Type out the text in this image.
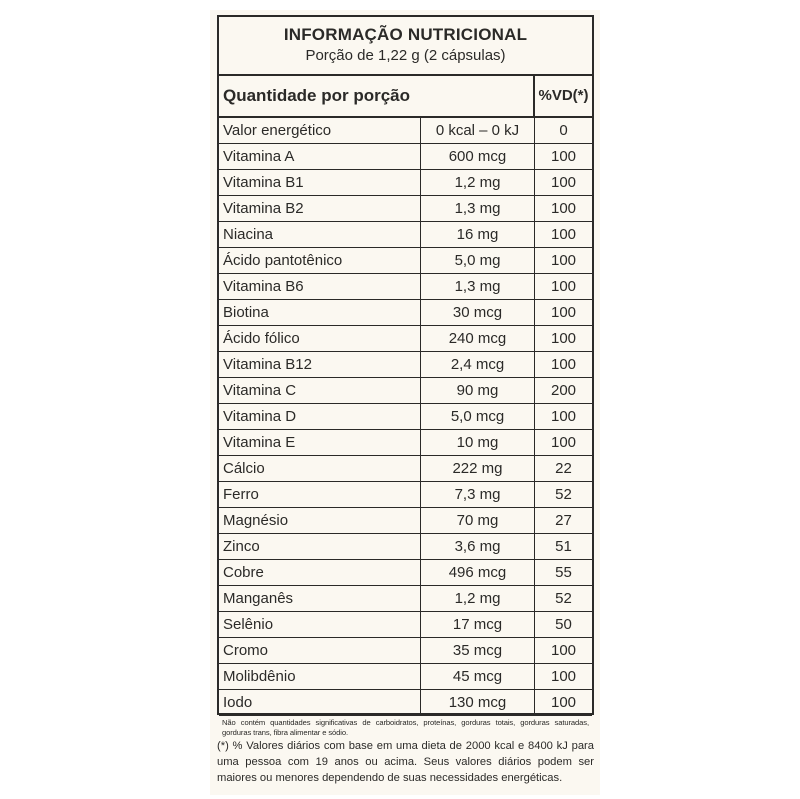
INFORMAÇÃO NUTRICIONAL
Porção de 1,22 g (2 cápsulas)
Quantidade por porção	%VD(*)
Valor energético	0 kcal – 0 kJ	0
Vitamina A	600 mcg	100
Vitamina B1	1,2 mg	100
Vitamina B2	1,3 mg	100
Niacina	16 mg	100
Ácido pantotênico	5,0 mg	100
Vitamina B6	1,3 mg	100
Biotina	30 mcg	100
Ácido fólico	240 mcg	100
Vitamina B12	2,4 mcg	100
Vitamina C	90 mg	200
Vitamina D	5,0 mcg	100
Vitamina E	10 mg	100
Cálcio	222 mg	22
Ferro	7,3 mg	52
Magnésio	70 mg	27
Zinco	3,6 mg	51
Cobre	496 mcg	55
Manganês	1,2 mg	52
Selênio	17 mcg	50
Cromo	35 mcg	100
Molibdênio	45 mcg	100
Iodo	130 mcg	100
Não contém quantidades significativas de carboidratos, proteínas, gorduras totais, gorduras saturadas, gorduras trans, fibra alimentar e sódio.
(*) % Valores diários com base em uma dieta de 2000 kcal e 8400 kJ para uma pessoa com 19 anos ou acima. Seus valores diários podem ser maiores ou menores dependendo de suas necessidades energéticas.
